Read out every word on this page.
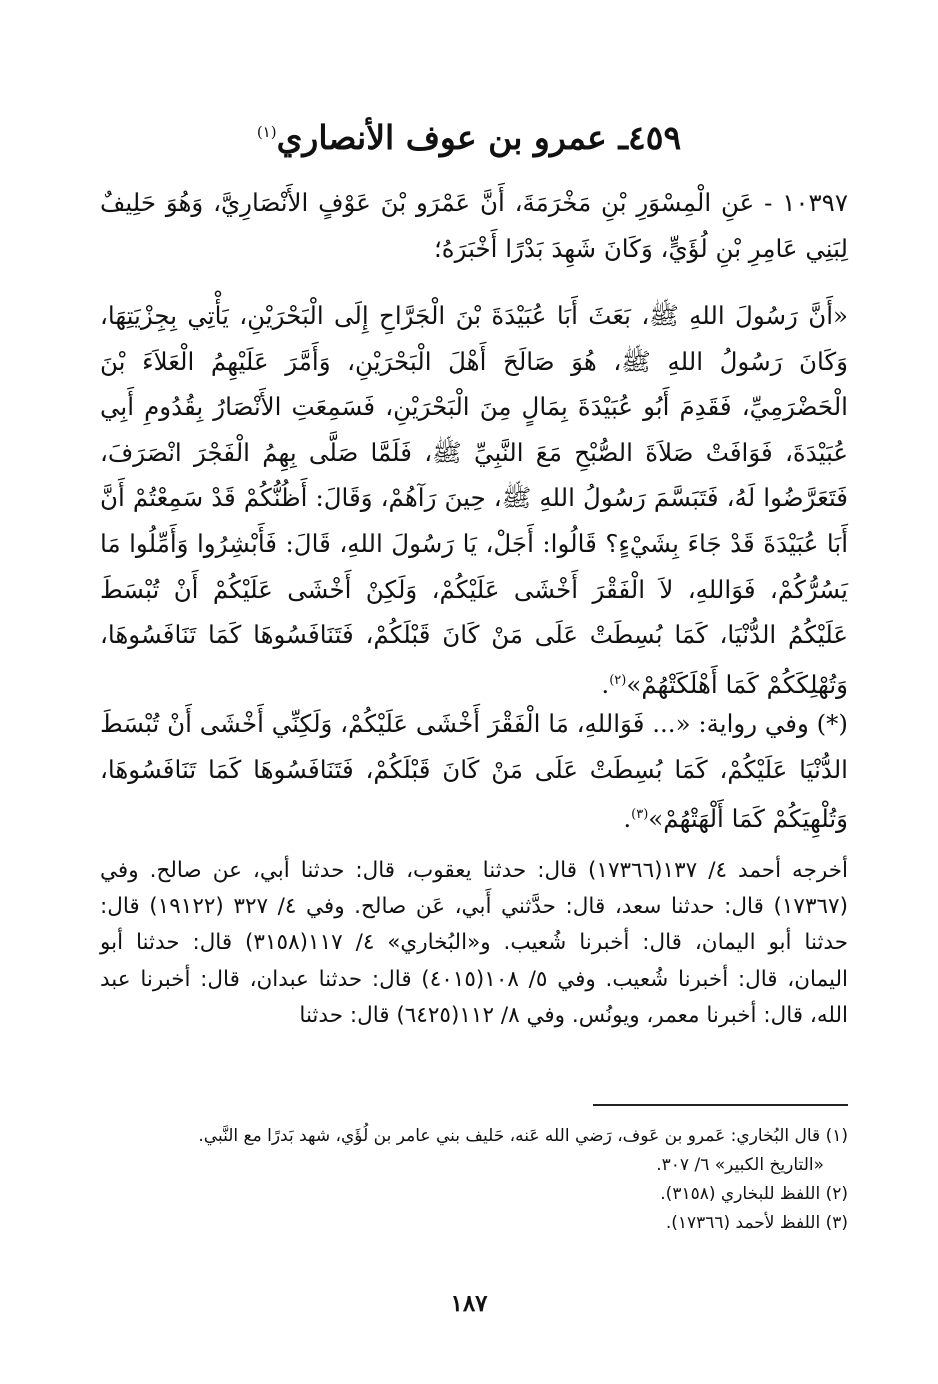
٤٥٩ـ عمرو بن عوف الأنصاري$^{(١)}$

١٠٣٩٧ - عَنِ الْمِسْوَرِ بْنِ مَخْرَمَةَ، أَنَّ عَمْرَو بْنَ عَوْفٍ الأَنْصَارِيَّ، وَهُوَ حَلِيفٌ لِبَنِي عَامِرِ بْنِ لُؤَيٍّ، وَكَانَ شَهِدَ بَدْرًا أَخْبَرَهُ؛

«أَنَّ رَسُولَ اللهِ ﷺ، بَعَثَ أَبَا عُبَيْدَةَ بْنَ الْجَرَّاحِ إِلَى الْبَحْرَيْنِ، يَأْتِي بِجِزْيَتِهَا، وَكَانَ رَسُولُ اللهِ ﷺ، هُوَ صَالَحَ أَهْلَ الْبَحْرَيْنِ، وَأَمَّرَ عَلَيْهِمُ الْعَلاَءَ بْنَ الْحَضْرَمِيِّ، فَقَدِمَ أَبُو عُبَيْدَةَ بِمَالٍ مِنَ الْبَحْرَيْنِ، فَسَمِعَتِ الأَنْصَارُ بِقُدُومِ أَبِي عُبَيْدَةَ، فَوَافَتْ صَلاَةَ الصُّبْحِ مَعَ النَّبِيِّ ﷺ، فَلَمَّا صَلَّى بِهِمُ الْفَجْرَ انْصَرَفَ، فَتَعَرَّضُوا لَهُ، فَتَبَسَّمَ رَسُولُ اللهِ ﷺ، حِينَ رَآهُمْ، وَقَالَ: أَظُنُّكُمْ قَدْ سَمِعْتُمْ أَنَّ أَبَا عُبَيْدَةَ قَدْ جَاءَ بِشَيْءٍ؟ قَالُوا: أَجَلْ، يَا رَسُولَ اللهِ، قَالَ: فَأَبْشِرُوا وَأَمِّلُوا مَا يَسُرُّكُمْ، فَوَاللهِ، لاَ الْفَقْرَ أَخْشَى عَلَيْكُمْ، وَلَكِنْ أَخْشَى عَلَيْكُمْ أَنْ تُبْسَطَ عَلَيْكُمُ الدُّنْيَا، كَمَا بُسِطَتْ عَلَى مَنْ كَانَ قَبْلَكُمْ، فَتَنَافَسُوهَا كَمَا تَنَافَسُوهَا، وَتُهْلِكَكُمْ كَمَا أَهْلَكَتْهُمْ»$^{(٢)}$.

(*) وفي رواية: «... فَوَاللهِ، مَا الْفَقْرَ أَخْشَى عَلَيْكُمْ، وَلَكِنِّي أَخْشَى أَنْ تُبْسَطَ الدُّنْيَا عَلَيْكُمْ، كَمَا بُسِطَتْ عَلَى مَنْ كَانَ قَبْلَكُمْ، فَتَنَافَسُوهَا كَمَا تَنَافَسُوهَا، وَتُلْهِيَكُمْ كَمَا أَلْهَتْهُمْ»$^{(٣)}$.

أخرجه أحمد ٤/ ١٣٧(١٧٣٦٦) قال: حدثنا يعقوب، قال: حدثنا أبي، عن صالح. وفي (١٧٣٦٧) قال: حدثنا سعد، قال: حدَّثني أَبي، عَن صالح. وفي ٤/ ٣٢٧ (١٩١٢٢) قال: حدثنا أبو اليمان، قال: أخبرنا شُعيب. و«البُخاري» ٤/ ١١٧(٣١٥٨) قال: حدثنا أبو اليمان، قال: أخبرنا شُعيب. وفي ٥/ ١٠٨(٤٠١٥) قال: حدثنا عبدان، قال: أخبرنا عبد الله، قال: أخبرنا معمر، ويونُس. وفي ٨/ ١١٢(٦٤٢٥) قال: حدثنا

(١) قال البُخاري: عَمرو بن عَوف، رَضي الله عَنه، حَليف بني عامر بن لُؤَي، شهد بَدرًا مع النَّبي.
«التاريخ الكبير» ٦/ ٣٠٧.
(٢) اللفظ للبخاري (٣١٥٨).
(٣) اللفظ لأحمد (١٧٣٦٦).
١٨٧
